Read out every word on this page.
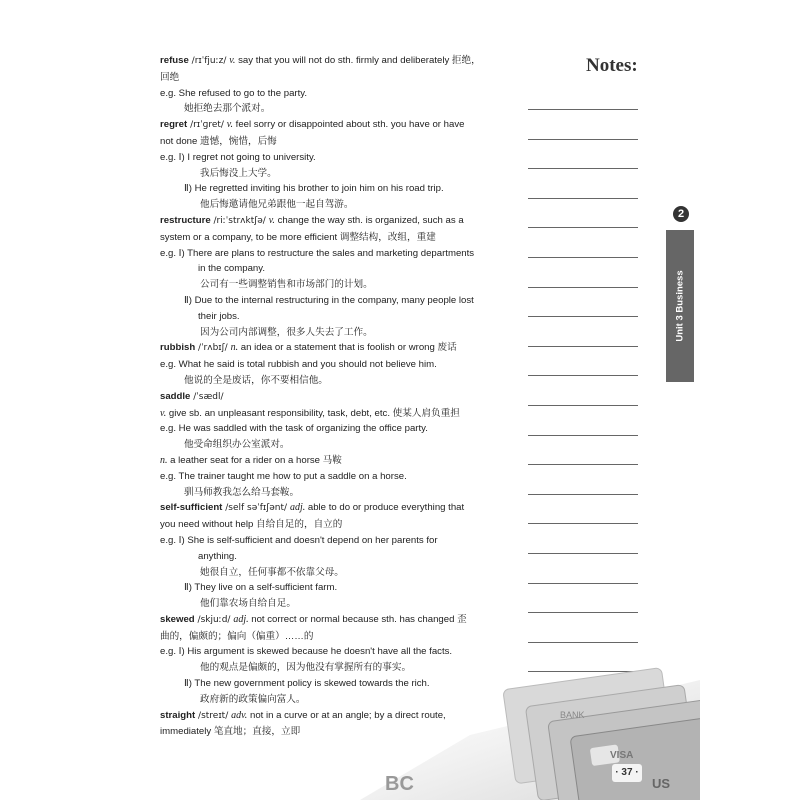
refuse /rɪˈfjuːz/ v. say that you will not do sth. firmly and deliberately 拒绝，
回绝
e.g. She refused to go to the party.
她拒绝去那个派对。
regret /rɪˈɡret/ v. feel sorry or disappointed about sth. you have or have
not done 遗憾，惋惜，后悔
e.g. Ⅰ) I regret not going to university.
我后悔没上大学。
Ⅱ) He regretted inviting his brother to join him on his road trip.
他后悔邀请他兄弟跟他一起自驾游。
restructure /riːˈstrʌktʃə/ v. change the way sth. is organized, such as a
system or a company, to be more efficient 调整结构，改组，重建
e.g. Ⅰ) There are plans to restructure the sales and marketing departments
in the company.
公司有一些调整销售和市场部门的计划。
Ⅱ) Due to the internal restructuring in the company, many people lost
their jobs.
因为公司内部调整，很多人失去了工作。
rubbish /ˈrʌbɪʃ/ n. an idea or a statement that is foolish or wrong 废话
e.g. What he said is total rubbish and you should not believe him.
他说的全是废话，你不要相信他。
saddle /ˈsædl/
v. give sb. an unpleasant responsibility, task, debt, etc. 使某人肩负重担
e.g. He was saddled with the task of organizing the office party.
他受命组织办公室派对。
n. a leather seat for a rider on a horse 马鞍
e.g. The trainer taught me how to put a saddle on a horse.
驯马师教我怎么给马套鞍。
self-sufficient /self səˈfɪʃənt/ adj. able to do or produce everything that
you need without help 自给自足的，自立的
e.g. Ⅰ) She is self-sufficient and doesn't depend on her parents for
anything.
她很自立，任何事都不依靠父母。
Ⅱ) They live on a self-sufficient farm.
他们靠农场自给自足。
skewed /skjuːd/ adj. not correct or normal because sth. has changed 歪
曲的，偏颇的；偏向（偏重）……的
e.g. Ⅰ) His argument is skewed because he doesn't have all the facts.
他的观点是偏颇的，因为他没有掌握所有的事实。
Ⅱ) The new government policy is skewed towards the rich.
政府新的政策偏向富人。
straight /streɪt/ adv. not in a curve or at an angle; by a direct route,
immediately 笔直地；直接，立即
Notes:
2
Unit 3 Business
BANK
VISA
BC	US
· 37 ·
